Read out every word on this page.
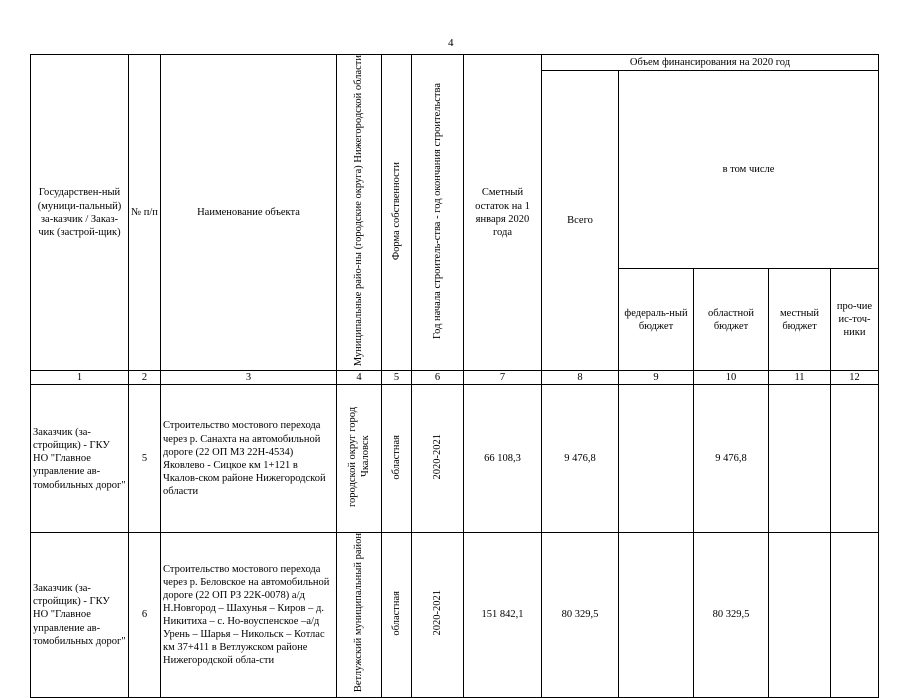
4
Государствен-ный (муници-пальный) за-казчик / Заказ-чик (застрой-щик)	№ п/п	Наименование объекта	Муниципальные райо-ны (городские округа) Нижегородской области	Форма собственности	Год начала строитель-ства - год окончания строительства	Сметный остаток на 1 января 2020 года	Объем финансирования на 2020 год				
							Всего	в том числе			
								федераль-ный бюджет	областной бюджет	местный бюджет	про-чие ис-точ-ники
1	2	3	4	5	6	7	8	9	10	11	12
Заказчик (за-стройщик) - ГКУ НО "Главное управление ав-томобильных дорог"	5	Строительство мостового перехода через р. Санахта на автомобильной дороге (22 ОП МЗ 22Н-4534) Яковлево - Сицкое км 1+121 в Чкалов-ском районе Нижегородской области	городской округ город Чкаловск	областная	2020-2021	66 108,3	9 476,8		9 476,8		
Заказчик (за-стройщик) - ГКУ НО "Главное управление ав-томобильных дорог"	6	Строительство мостового перехода через р. Беловское на автомобильной дороге (22 ОП РЗ 22К-0078) а/д Н.Новгород – Шахунья – Киров – д. Никитиха – с. Но-воуспенское –а/д Урень – Шарья – Никольск – Котлас км 37+411 в Ветлужском районе Нижегородской обла-сти	Ветлужский муниципальный район	областная	2020-2021	151 842,1	80 329,5		80 329,5		
